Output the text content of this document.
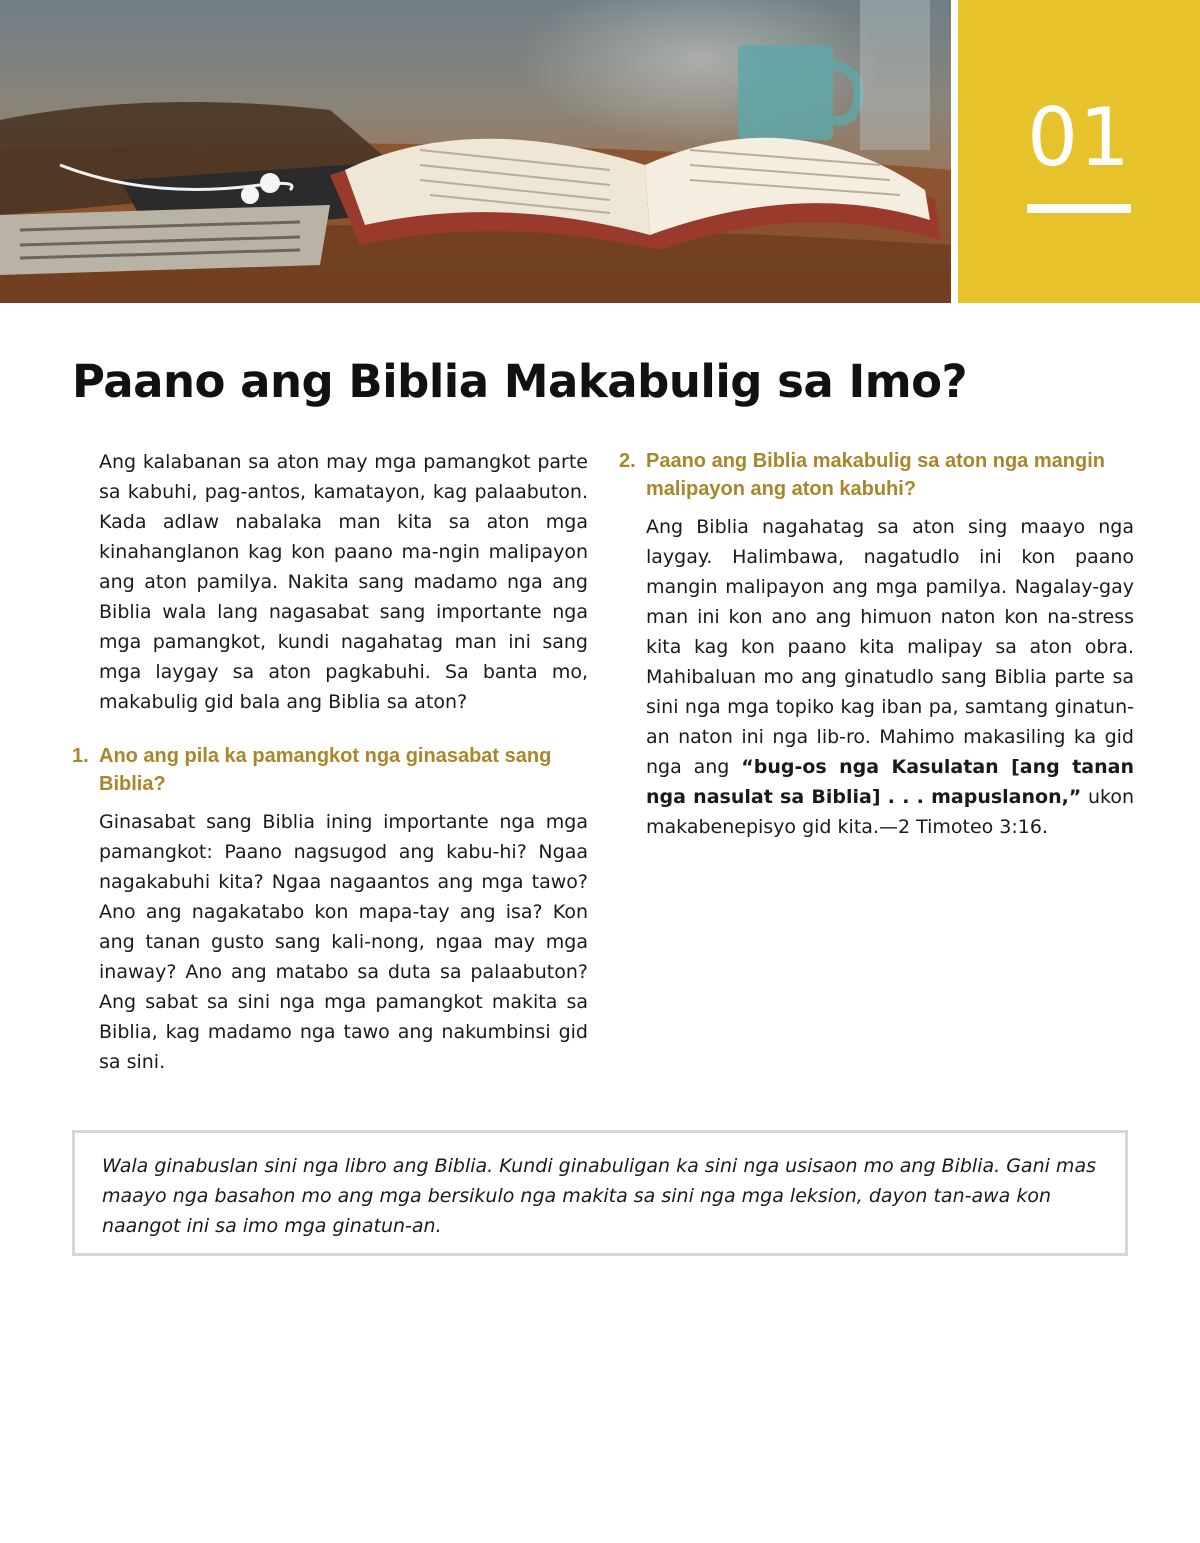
01
Paano ang Biblia Makabulig sa Imo?

Ang kalabanan sa aton may mga pamangkot parte sa kabuhi, pag-antos, kamatayon, kag palaabuton. Kada adlaw nabalaka man kita sa aton mga kinahanglanon kag kon paano ma-ngin malipayon ang aton pamilya. Nakita sang madamo nga ang Biblia wala lang nagasabat sang importante nga mga pamangkot, kundi nagahatag man ini sang mga laygay sa aton pagkabuhi. Sa banta mo, makabulig gid bala ang Biblia sa aton?

1. Ano ang pila ka pamangkot nga ginasabat sang Biblia?

Ginasabat sang Biblia ining importante nga mga pamangkot: Paano nagsugod ang kabu-hi? Ngaa nagakabuhi kita? Ngaa nagaantos ang mga tawo? Ano ang nagakatabo kon mapa-tay ang isa? Kon ang tanan gusto sang kali-nong, ngaa may mga inaway? Ano ang matabo sa duta sa palaabuton? Ang sabat sa sini nga mga pamangkot makita sa Biblia, kag madamo nga tawo ang nakumbinsi gid sa sini.

2. Paano ang Biblia makabulig sa aton nga mangin malipayon ang aton kabuhi?

Ang Biblia nagahatag sa aton sing maayo nga laygay. Halimbawa, nagatudlo ini kon paano mangin malipayon ang mga pamilya. Nagalay-gay man ini kon ano ang himuon naton kon na-stress kita kag kon paano kita malipay sa aton obra. Mahibaluan mo ang ginatudlo sang Biblia parte sa sini nga mga topiko kag iban pa, samtang ginatun-an naton ini nga lib-ro. Mahimo makasiling ka gid nga ang “bug-os nga Kasulatan [ang tanan nga nasulat sa Biblia] . . . mapuslanon,” ukon makabenepisyo gid kita.—2 Timoteo 3:16.

Wala ginabuslan sini nga libro ang Biblia. Kundi ginabuligan ka sini nga usisaon mo ang Biblia. Gani mas maayo nga basahon mo ang mga bersikulo nga makita sa sini nga mga leksion, dayon tan-awa kon naangot ini sa imo mga ginatun-an.
